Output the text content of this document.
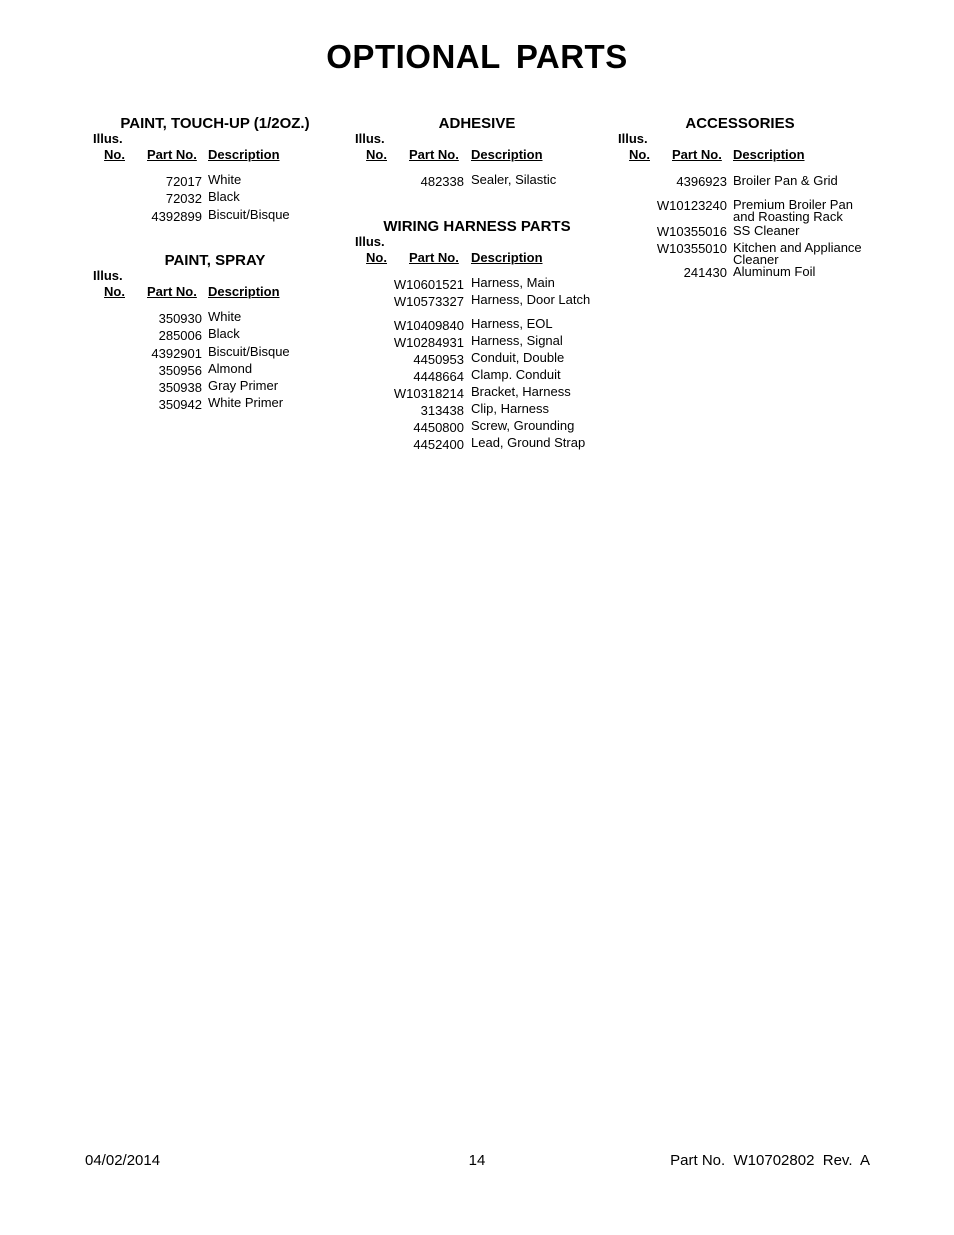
OPTIONAL PARTS
PAINT, TOUCH-UP (1/2OZ.)
Illus.
No. Part No. Description
72017 White
72032 Black
4392899 Biscuit/Bisque
PAINT, SPRAY
Illus.
No. Part No. Description
350930 White
285006 Black
4392901 Biscuit/Bisque
350956 Almond
350938 Gray Primer
350942 White Primer
ADHESIVE
Illus.
No. Part No. Description
482338 Sealer, Silastic
WIRING HARNESS PARTS
Illus.
No. Part No. Description
W10601521 Harness, Main
W10573327 Harness, Door Latch
W10409840 Harness, EOL
W10284931 Harness, Signal
4450953 Conduit, Double
4448664 Clamp. Conduit
W10318214 Bracket, Harness
313438 Clip, Harness
4450800 Screw, Grounding
4452400 Lead, Ground Strap
ACCESSORIES
Illus.
No. Part No. Description
4396923 Broiler Pan & Grid
W10123240 Premium Broiler Pan
and Roasting Rack
W10355016 SS Cleaner
W10355010 Kitchen and Appliance
Cleaner
241430 Aluminum Foil
04/02/2014	14	Part No.  W10702802  Rev.  A
